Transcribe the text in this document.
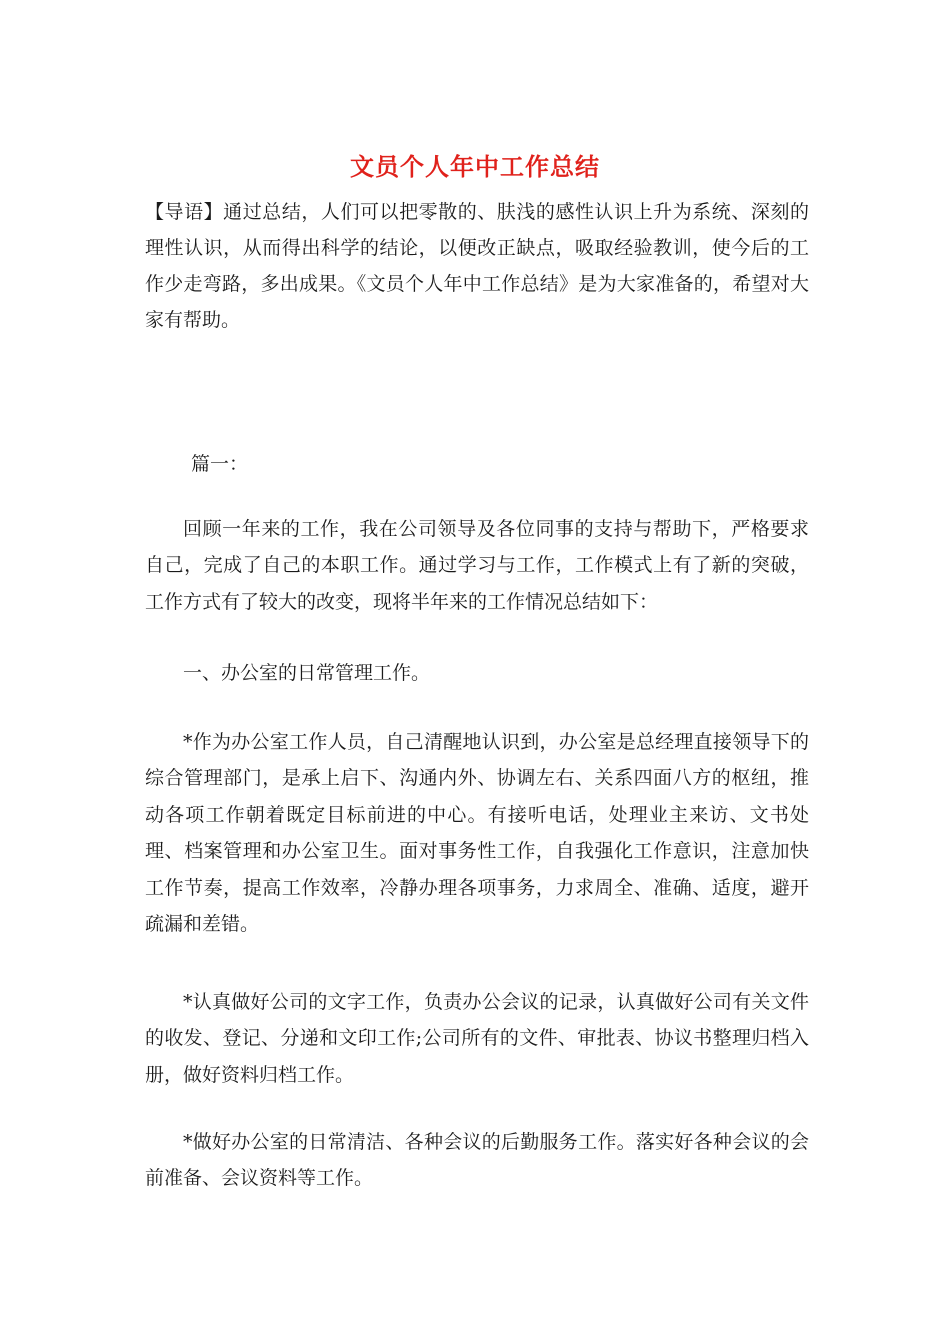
文员个人年中工作总结
【导语】通过总结，人们可以把零散的、肤浅的感性认识上升为系统、深刻的理性认识，从而得出科学的结论，以便改正缺点，吸取经验教训，使今后的工作少走弯路，多出成果。《文员个人年中工作总结》是为大家准备的，希望对大家有帮助。
篇一：
回顾一年来的工作，我在公司领导及各位同事的支持与帮助下，严格要求自己，完成了自己的本职工作。通过学习与工作，工作模式上有了新的突破，工作方式有了较大的改变，现将半年来的工作情况总结如下：
一、办公室的日常管理工作。
*作为办公室工作人员，自己清醒地认识到，办公室是总经理直接领导下的综合管理部门，是承上启下、沟通内外、协调左右、关系四面八方的枢纽，推动各项工作朝着既定目标前进的中心。有接听电话，处理业主来访、文书处理、档案管理和办公室卫生。面对事务性工作，自我强化工作意识，注意加快工作节奏，提高工作效率，冷静办理各项事务，力求周全、准确、适度，避开疏漏和差错。
*认真做好公司的文字工作，负责办公会议的记录，认真做好公司有关文件的收发、登记、分递和文印工作;公司所有的文件、审批表、协议书整理归档入册，做好资料归档工作。
*做好办公室的日常清洁、各种会议的后勤服务工作。落实好各种会议的会前准备、会议资料等工作。
